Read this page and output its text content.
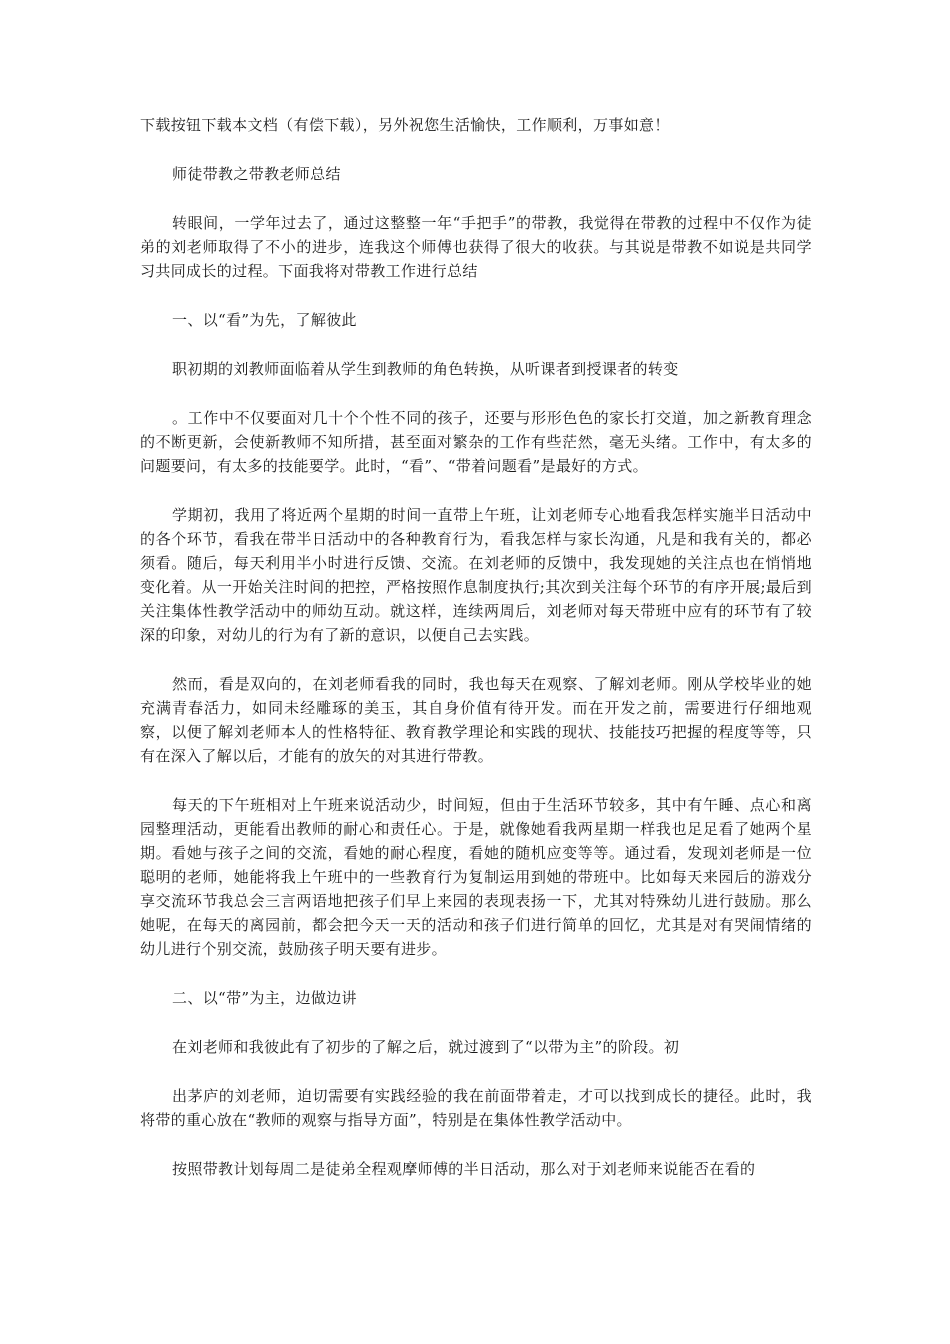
下载按钮下载本文档（有偿下载），另外祝您生活愉快，工作顺利，万事如意！

师徒带教之带教老师总结

转眼间，一学年过去了，通过这整整一年“手把手”的带教，我觉得在带教的过程中不仅作为徒弟的刘老师取得了不小的进步，连我这个师傅也获得了很大的收获。与其说是带教不如说是共同学习共同成长的过程。下面我将对带教工作进行总结

一、以“看”为先，了解彼此

职初期的刘教师面临着从学生到教师的角色转换，从听课者到授课者的转变

。工作中不仅要面对几十个个性不同的孩子，还要与形形色色的家长打交道，加之新教育理念的不断更新，会使新教师不知所措，甚至面对繁杂的工作有些茫然，毫无头绪。工作中，有太多的问题要问，有太多的技能要学。此时，“看”、“带着问题看”是最好的方式。

学期初，我用了将近两个星期的时间一直带上午班，让刘老师专心地看我怎样实施半日活动中的各个环节，看我在带半日活动中的各种教育行为，看我怎样与家长沟通，凡是和我有关的，都必须看。随后，每天利用半小时进行反馈、交流。在刘老师的反馈中，我发现她的关注点也在悄悄地变化着。从一开始关注时间的把控，严格按照作息制度执行;其次到关注每个环节的有序开展;最后到关注集体性教学活动中的师幼互动。就这样，连续两周后，刘老师对每天带班中应有的环节有了较深的印象，对幼儿的行为有了新的意识，以便自己去实践。

然而，看是双向的，在刘老师看我的同时，我也每天在观察、了解刘老师。刚从学校毕业的她充满青春活力，如同未经雕琢的美玉，其自身价值有待开发。而在开发之前，需要进行仔细地观察，以便了解刘老师本人的性格特征、教育教学理论和实践的现状、技能技巧把握的程度等等，只有在深入了解以后，才能有的放矢的对其进行带教。

每天的下午班相对上午班来说活动少，时间短，但由于生活环节较多，其中有午睡、点心和离园整理活动，更能看出教师的耐心和责任心。于是，就像她看我两星期一样我也足足看了她两个星期。看她与孩子之间的交流，看她的耐心程度，看她的随机应变等等。通过看，发现刘老师是一位聪明的老师，她能将我上午班中的一些教育行为复制运用到她的带班中。比如每天来园后的游戏分享交流环节我总会三言两语地把孩子们早上来园的表现表扬一下，尤其对特殊幼儿进行鼓励。那么她呢，在每天的离园前，都会把今天一天的活动和孩子们进行简单的回忆，尤其是对有哭闹情绪的幼儿进行个别交流，鼓励孩子明天要有进步。

二、以“带”为主，边做边讲

在刘老师和我彼此有了初步的了解之后，就过渡到了“以带为主”的阶段。初

出茅庐的刘老师，迫切需要有实践经验的我在前面带着走，才可以找到成长的捷径。此时，我将带的重心放在“教师的观察与指导方面”，特别是在集体性教学活动中。

按照带教计划每周二是徒弟全程观摩师傅的半日活动，那么对于刘老师来说能否在看的
